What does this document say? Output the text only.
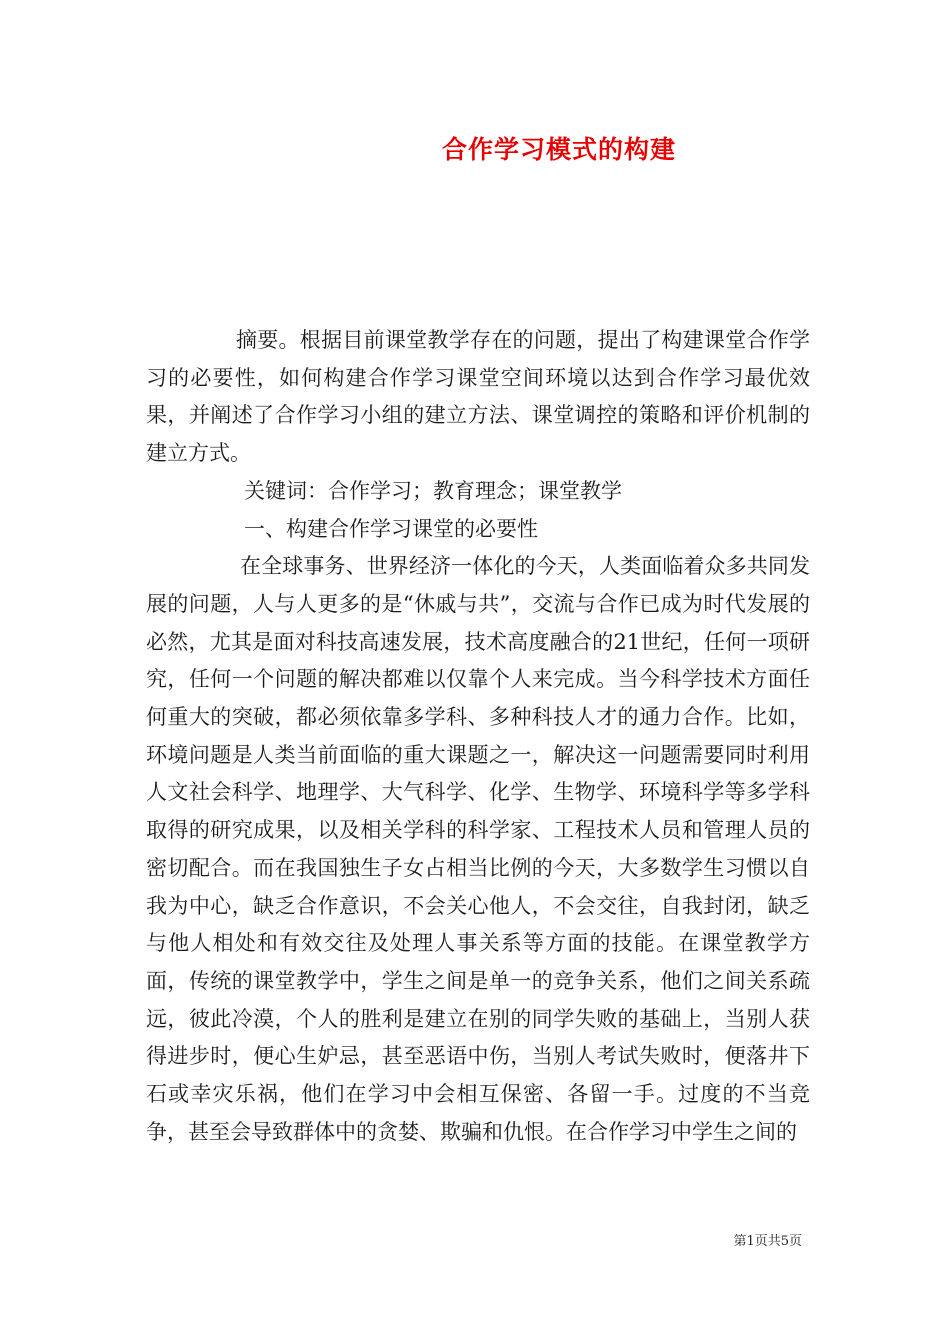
合作学习模式的构建

摘要。根据目前课堂教学存在的问题，提出了构建课堂合作学习的必要性，如何构建合作学习课堂空间环境以达到合作学习最优效果，并阐述了合作学习小组的建立方法、课堂调控的策略和评价机制的建立方式。

关键词：合作学习；教育理念；课堂教学

一、构建合作学习课堂的必要性

在全球事务、世界经济一体化的今天，人类面临着众多共同发展的问题，人与人更多的是“休戚与共”，交流与合作已成为时代发展的必然，尤其是面对科技高速发展，技术高度融合的21世纪，任何一项研究，任何一个问题的解决都难以仅靠个人来完成。当今科学技术方面任何重大的突破，都必须依靠多学科、多种科技人才的通力合作。比如，环境问题是人类当前面临的重大课题之一，解决这一问题需要同时利用人文社会科学、地理学、大气科学、化学、生物学、环境科学等多学科取得的研究成果，以及相关学科的科学家、工程技术人员和管理人员的密切配合。而在我国独生子女占相当比例的今天，大多数学生习惯以自我为中心，缺乏合作意识，不会关心他人，不会交往，自我封闭，缺乏与他人相处和有效交往及处理人事关系等方面的技能。在课堂教学方面，传统的课堂教学中，学生之间是单一的竞争关系，他们之间关系疏远，彼此冷漠，个人的胜利是建立在别的同学失败的基础上，当别人获得进步时，便心生妒忌，甚至恶语中伤，当别人考试失败时，便落井下石或幸灾乐祸，他们在学习中会相互保密、各留一手。过度的不当竞争，甚至会导致群体中的贪婪、欺骗和仇恨。在合作学习中学生之间的

第1页共5页
